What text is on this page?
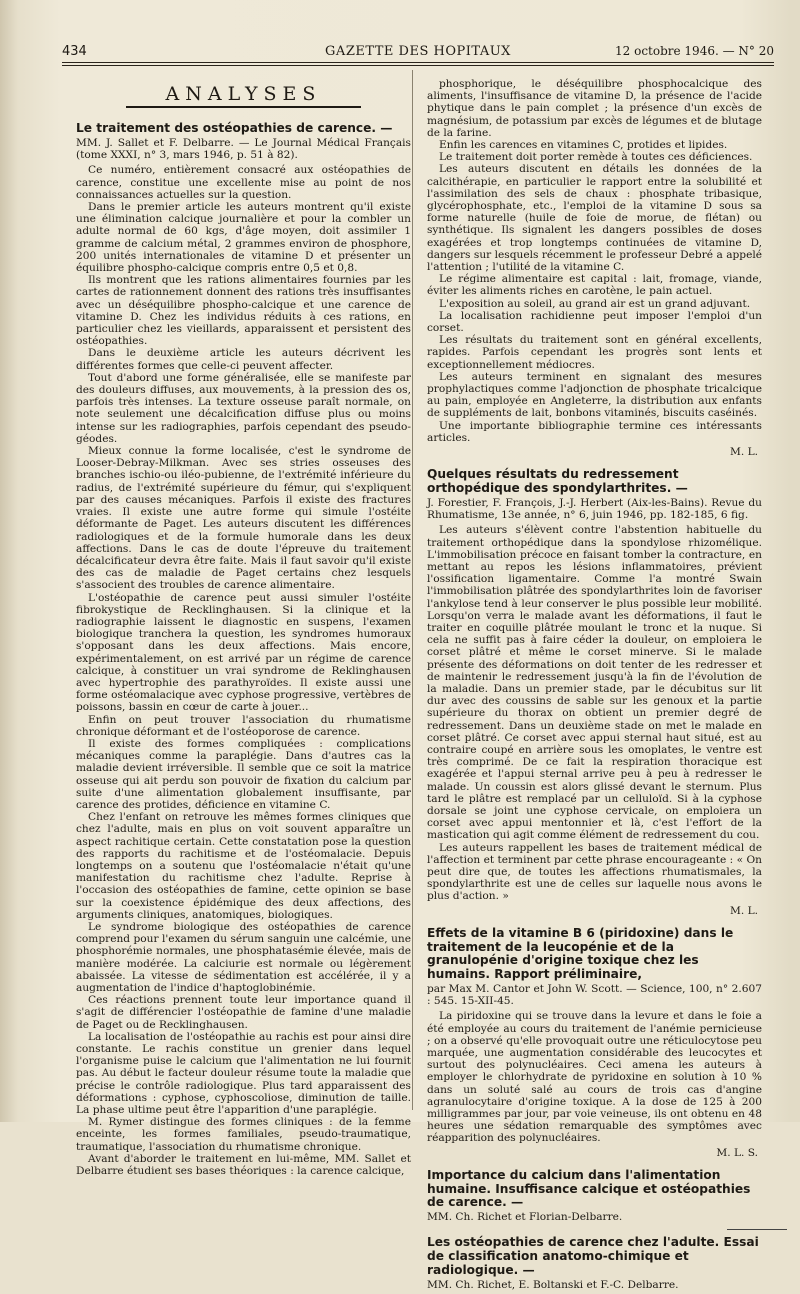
434	GAZETTE DES HOPITAUX	12 octobre 1946. — N° 20
ANALYSES
Le traitement des ostéopathies de carence. —
MM. J. Sallet et F. Delbarre. — Le Journal Médical Français (tome XXXI, n° 3, mars 1946, p. 51 à 82).

Ce numéro, entièrement consacré aux ostéopathies de carence, constitue une excellente mise au point de nos connaissances actuelles sur la question.

Dans le premier article les auteurs montrent qu'il existe une élimination calcique journalière et pour la combler un adulte normal de 60 kgs, d'âge moyen, doit assimiler 1 gramme de calcium métal, 2 grammes environ de phosphore, 200 unités internationales de vitamine D et présenter un équilibre phospho-calcique compris entre 0,5 et 0,8.

Ils montrent que les rations alimentaires fournies par les cartes de rationnement donnent des rations très insuffisantes avec un déséquilibre phospho-calcique et une carence de vitamine D. Chez les individus réduits à ces rations, en particulier chez les vieillards, apparaissent et persistent des ostéopathies.

Dans le deuxième article les auteurs décrivent les différentes formes que celle-ci peuvent affecter.

Tout d'abord une forme généralisée, elle se manifeste par des douleurs diffuses, aux mouvements, à la pression des os, parfois très intenses. La texture osseuse paraît normale, on note seulement une décalcification diffuse plus ou moins intense sur les radiographies, parfois cependant des pseudo-géodes.

Mieux connue la forme localisée, c'est le syndrome de Looser-Debray-Milkman. Avec ses stries osseuses des branches ischio-ou iléo-pubienne, de l'extrémité inférieure du radius, de l'extrémité supérieure du fémur, qui s'expliquent par des causes mécaniques. Parfois il existe des fractures vraies. Il existe une autre forme qui simule l'ostéite déformante de Paget. Les auteurs discutent les différences radiologiques et de la formule humorale dans les deux affections. Dans le cas de doute l'épreuve du traitement décalcificateur devra être faite. Mais il faut savoir qu'il existe des cas de maladie de Paget certains chez lesquels s'associent des troubles de carence alimentaire.

L'ostéopathie de carence peut aussi simuler l'ostéite fibrokystique de Recklinghausen. Si la clinique et la radiographie laissent le diagnostic en suspens, l'examen biologique tranchera la question, les syndromes humoraux s'opposant dans les deux affections. Mais encore, expérimentalement, on est arrivé par un régime de carence calcique, à constituer un vrai syndrome de Reklinghausen avec hypertrophie des parathyroïdes. Il existe aussi une forme ostéomalacique avec cyphose progressive, vertèbres de poissons, bassin en cœur de carte à jouer...

Enfin on peut trouver l'association du rhumatisme chronique déformant et de l'ostéoporose de carence.

Il existe des formes compliquées : complications mécaniques comme la paraplégie. Dans d'autres cas la maladie devient irréversible. Il semble que ce soit la matrice osseuse qui ait perdu son pouvoir de fixation du calcium par suite d'une alimentation globalement insuffisante, par carence des protides, déficience en vitamine C.

Chez l'enfant on retrouve les mêmes formes cliniques que chez l'adulte, mais en plus on voit souvent apparaître un aspect rachitique certain. Cette constatation pose la question des rapports du rachitisme et de l'ostéomalacie. Depuis longtemps on a soutenu que l'ostéomalacie n'était qu'une manifestation du rachitisme chez l'adulte. Reprise à l'occasion des ostéopathies de famine, cette opinion se base sur la coexistence épidémique des deux affections, des arguments cliniques, anatomiques, biologiques.

Le syndrome biologique des ostéopathies de carence comprend pour l'examen du sérum sanguin une calcémie, une phosphorémie normales, une phosphatasémie élevée, mais de manière modérée. La calciurie est normale ou légèrement abaissée. La vitesse de sédimentation est accélérée, il y a augmentation de l'indice d'haptoglobinémie.

Ces réactions prennent toute leur importance quand il s'agit de différencier l'ostéopathie de famine d'une maladie de Paget ou de Recklinghausen.

La localisation de l'ostéopathie au rachis est pour ainsi dire constante. Le rachis constitue un grenier dans lequel l'organisme puise le calcium que l'alimentation ne lui fournit pas. Au début le facteur douleur résume toute la maladie que précise le contrôle radiologique. Plus tard apparaissent des déformations : cyphose, cyphoscoliose, diminution de taille. La phase ultime peut être l'apparition d'une paraplégie.

M. Rymer distingue des formes cliniques : de la femme enceinte, les formes familiales, pseudo-traumatique, traumatique, l'association du rhumatisme chronique.

Avant d'aborder le traitement en lui-même, MM. Sallet et Delbarre étudient ses bases théoriques : la carence calcique,

phosphorique, le déséquilibre phosphocalcique des aliments, l'insuffisance de vitamine D, la présence de l'acide phytique dans le pain complet ; la présence d'un excès de magnésium, de potassium par excès de légumes et de blutage de la farine.

Enfin les carences en vitamines C, protides et lipides.

Le traitement doit porter remède à toutes ces déficiences.

Les auteurs discutent en détails les données de la calcithérapie, en particulier le rapport entre la solubilité et l'assimilation des sels de chaux : phosphate tribasique, glycérophosphate, etc., l'emploi de la vitamine D sous sa forme naturelle (huile de foie de morue, de flétan) ou synthétique. Ils signalent les dangers possibles de doses exagérées et trop longtemps continuées de vitamine D, dangers sur lesquels récemment le professeur Debré a appelé l'attention ; l'utilité de la vitamine C.

Le régime alimentaire est capital : lait, fromage, viande, éviter les aliments riches en carotène, le pain actuel.

L'exposition au soleil, au grand air est un grand adjuvant.

La localisation rachidienne peut imposer l'emploi d'un corset.

Les résultats du traitement sont en général excellents, rapides. Parfois cependant les progrès sont lents et exceptionnellement médiocres.

Les auteurs terminent en signalant des mesures prophylactiques comme l'adjonction de phosphate tricalcique au pain, employée en Angleterre, la distribution aux enfants de suppléments de lait, bonbons vitaminés, biscuits caséinés.

Une importante bibliographie termine ces intéressants articles.

M. L.
Quelques résultats du redressement orthopédique des spondylarthrites. —
J. Forestier, F. François, J.-J. Herbert (Aix-les-Bains). Revue du Rhumatisme, 13e année, n° 6, juin 1946, pp. 182-185, 6 fig.

Les auteurs s'élèvent contre l'abstention habituelle du traitement orthopédique dans la spondylose rhizomélique. L'immobilisation précoce en faisant tomber la contracture, en mettant au repos les lésions inflammatoires, prévient l'ossification ligamentaire. Comme l'a montré Swain l'immobilisation plâtrée des spondylarthrites loin de favoriser l'ankylose tend à leur conserver le plus possible leur mobilité. Lorsqu'on verra le malade avant les déformations, il faut le traiter en coquille plâtrée moulant le tronc et la nuque. Si cela ne suffit pas à faire céder la douleur, on emploiera le corset plâtré et même le corset minerve. Si le malade présente des déformations on doit tenter de les redresser et de maintenir le redressement jusqu'à la fin de l'évolution de la maladie. Dans un premier stade, par le décubitus sur lit dur avec des coussins de sable sur les genoux et la partie supérieure du thorax on obtient un premier degré de redressement. Dans un deuxième stade on met le malade en corset plâtré. Ce corset avec appui sternal haut situé, est au contraire coupé en arrière sous les omoplates, le ventre est très comprimé. De ce fait la respiration thoracique est exagérée et l'appui sternal arrive peu à peu à redresser le malade. Un coussin est alors glissé devant le sternum. Plus tard le plâtre est remplacé par un celluloïd. Si à la cyphose dorsale se joint une cyphose cervicale, on emploiera un corset avec appui mentonnier et là, c'est l'effort de la mastication qui agit comme élément de redressement du cou.

Les auteurs rappellent les bases de traitement médical de l'affection et terminent par cette phrase encourageante : « On peut dire que, de toutes les affections rhumatismales, la spondylarthrite est une de celles sur laquelle nous avons le plus d'action. »

M. L.
Effets de la vitamine B 6 (piridoxine) dans le traitement de la leucopénie et de la granulopénie d'origine toxique chez les humains. Rapport préliminaire,
par Max M. Cantor et John W. Scott. — Science, 100, n° 2.607 : 545. 15-XII-45.

La piridoxine qui se trouve dans la levure et dans le foie a été employée au cours du traitement de l'anémie pernicieuse ; on a observé qu'elle provoquait outre une réticulocytose peu marquée, une augmentation considérable des leucocytes et surtout des polynucléaires. Ceci amena les auteurs à employer le chlorhydrate de pyridoxine en solution à 10 % dans un soluté salé au cours de trois cas d'angine agranulocytaire d'origine toxique. A la dose de 125 à 200 milligrammes par jour, par voie veineuse, ils ont obtenu en 48 heures une sédation remarquable des symptômes avec réapparition des polynucléaires.

M. L. S.
Importance du calcium dans l'alimentation humaine. Insuffisance calcique et ostéopathies de carence. —
MM. Ch. Richet et Florian-Delbarre.
Les ostéopathies de carence chez l'adulte. Essai de classification anatomo-chimique et radiologique. —
MM. Ch. Richet, E. Boltanski et F.-C. Delbarre.
